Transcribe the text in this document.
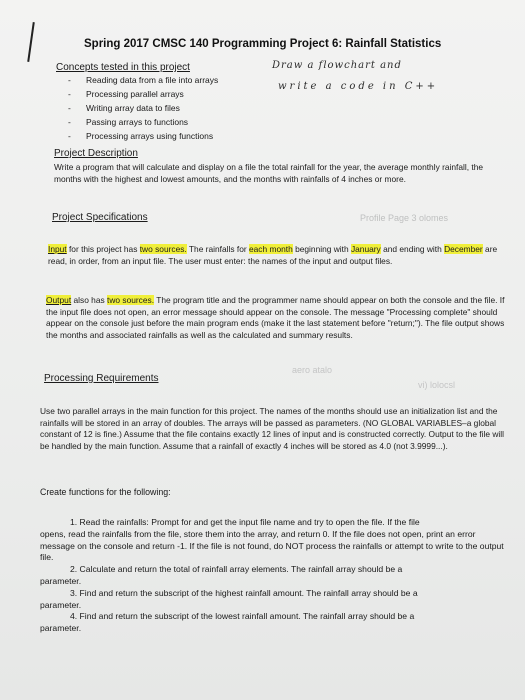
Spring 2017 CMSC 140 Programming Project 6: Rainfall Statistics
Concepts tested in this project
- Reading data from a file into arrays
- Processing parallel arrays
- Writing array data to files
- Passing arrays to functions
- Processing arrays using functions
Draw a flowchart and
write a code in C++
Project Description
Write a program that will calculate and display on a file the total rainfall for the year, the average monthly rainfall, the months with the highest and lowest amounts, and the months with rainfalls of 4 inches or more.
Project Specifications	Profile Page 3 olomes
Input for this project has two sources. The rainfalls for each month beginning with January and ending with December are read, in order, from an input file. The user must enter: the names of the input and output files.
Output also has two sources. The program title and the programmer name should appear on both the console and the file. If the input file does not open, an error message should appear on the console. The message "Processing complete" should appear on the console just before the main program ends (make it the last statement before "return;"). The file output shows the months and associated rainfalls as well as the calculated and summary results.
Processing Requirements
aero atalo
vi) lolocsl
Use two parallel arrays in the main function for this project. The names of the months should use an initialization list and the rainfalls will be stored in an array of doubles. The arrays will be passed as parameters. (NO GLOBAL VARIABLES–a global constant of 12 is fine.) Assume that the file contains exactly 12 lines of input and is constructed correctly. Output to the file will be handled by the main function. Assume that a rainfall of exactly 4 inches will be stored as 4.0 (not 3.9999...).
Create functions for the following:
1. Read the rainfalls: Prompt for and get the input file name and try to open the file. If the file
opens, read the rainfalls from the file, store them into the array, and return 0. If the file does not open, print an error message on the console and return -1. If the file is not found, do NOT process the rainfalls or attempt to write to the output file.
2. Calculate and return the total of rainfall array elements. The rainfall array should be a
parameter.
3. Find and return the subscript of the highest rainfall amount. The rainfall array should be a
parameter.
4. Find and return the subscript of the lowest rainfall amount. The rainfall array should be a
parameter.
